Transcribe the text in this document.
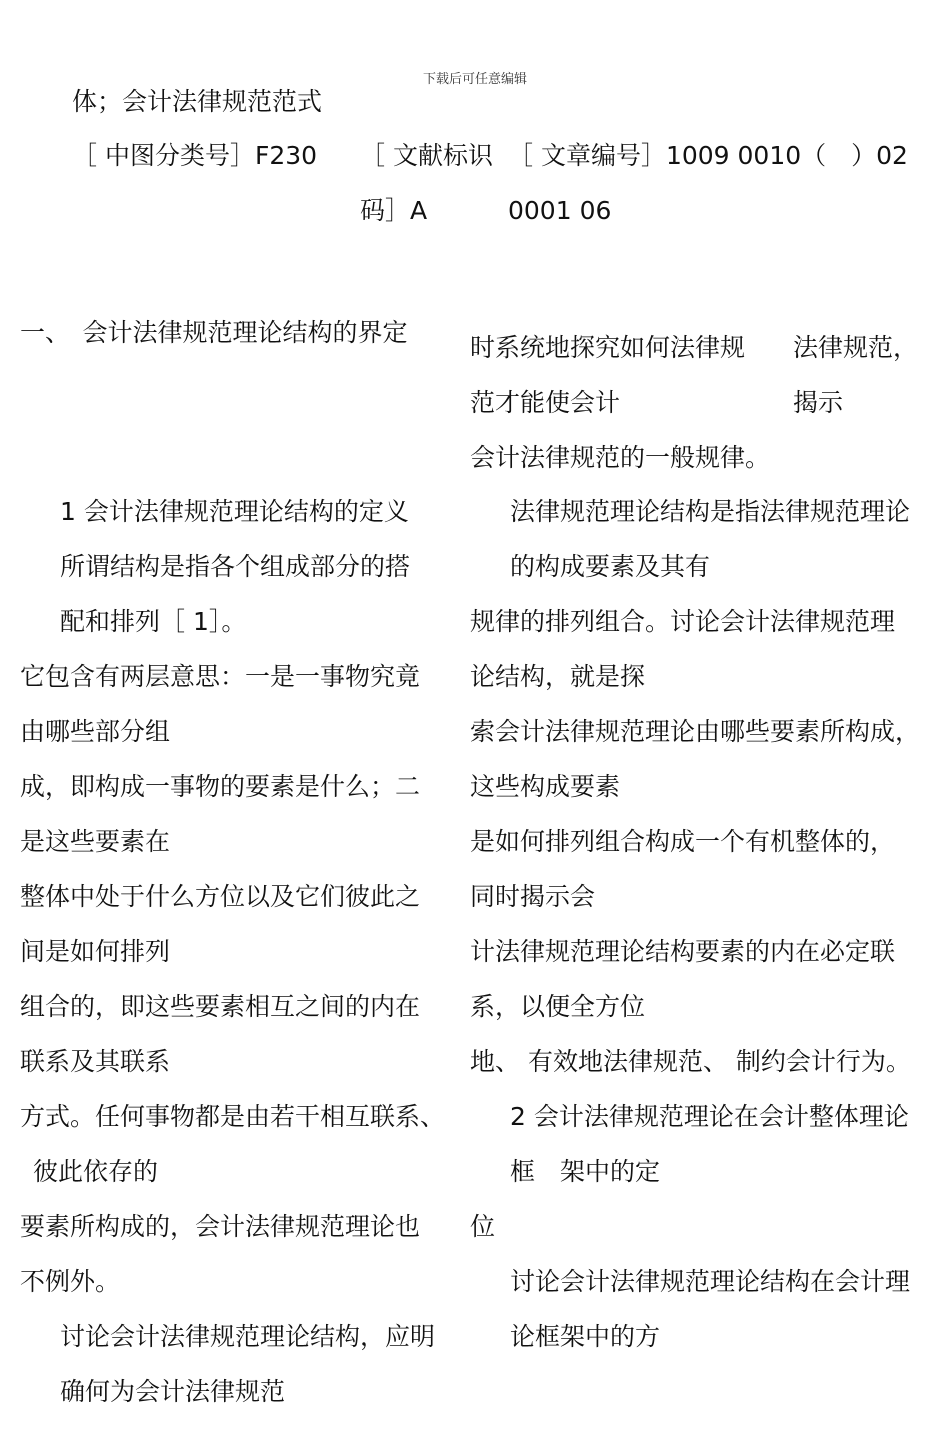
下载后可任意编辑
体；会计法律规范范式
［ 中图分类号］F230 ［ 文献标识
码］A
［ 文章编号］1009 0010（　）02
0001 06
一、　会计法律规范理论结构的界定
1 会计法律规范理论结构的定义
所谓结构是指各个组成部分的搭
配和排列［ 1］。
它包含有两层意思：一是一事物究竟
由哪些部分组
成，即构成一事物的要素是什么；二
是这些要素在
整体中处于什么方位以及它们彼此之
间是如何排列
组合的，即这些要素相互之间的内在
联系及其联系
方式。任何事物都是由若干相互联系、
彼此依存的
要素所构成的，会计法律规范理论也
不例外。
讨论会计法律规范理论结构，应明
确何为会计法律规范
时系统地探究如何法律规 法律规范，
范才能使会计	揭示
会计法律规范的一般规律。
法律规范理论结构是指法律规范理论
的构成要素及其有
规律的排列组合。讨论会计法律规范理
论结构，就是探
索会计法律规范理论由哪些要素所构成，
这些构成要素
是如何排列组合构成一个有机整体的，
同时揭示会
计法律规范理论结构要素的内在必定联
系，以便全方位
地、 有效地法律规范、 制约会计行为。
2 会计法律规范理论在会计整体理论
框　架中的定
位
讨论会计法律规范理论结构在会计理
论框架中的方
